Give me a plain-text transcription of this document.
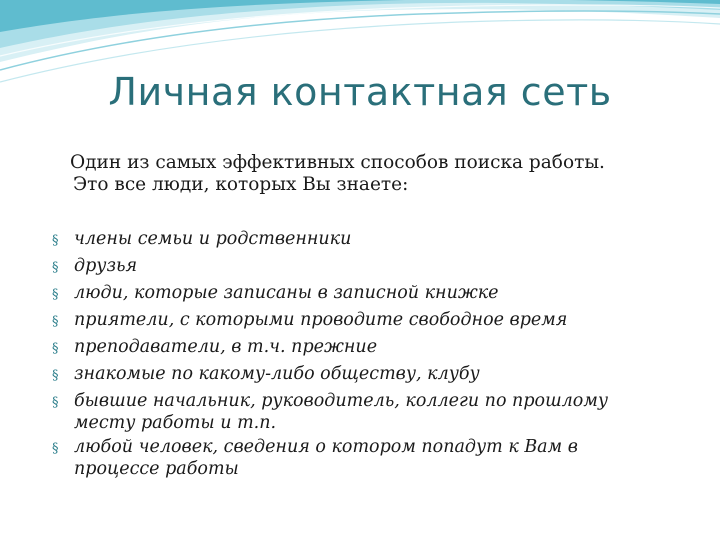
Личная контактная сеть
Один из самых эффективных способов поиска работы.
Это все люди, которых Вы знаете:
§ члены семьи и родственники
§ друзья
§ люди, которые записаны в записной книжке
§ приятели, с которыми проводите свободное время
§ преподаватели, в т.ч. прежние
§ знакомые по какому-либо обществу, клубу
§ бывшие начальник, руководитель, коллеги по прошлому месту работы и т.п.
§ любой человек, сведения о котором попадут к Вам в процессе работы
